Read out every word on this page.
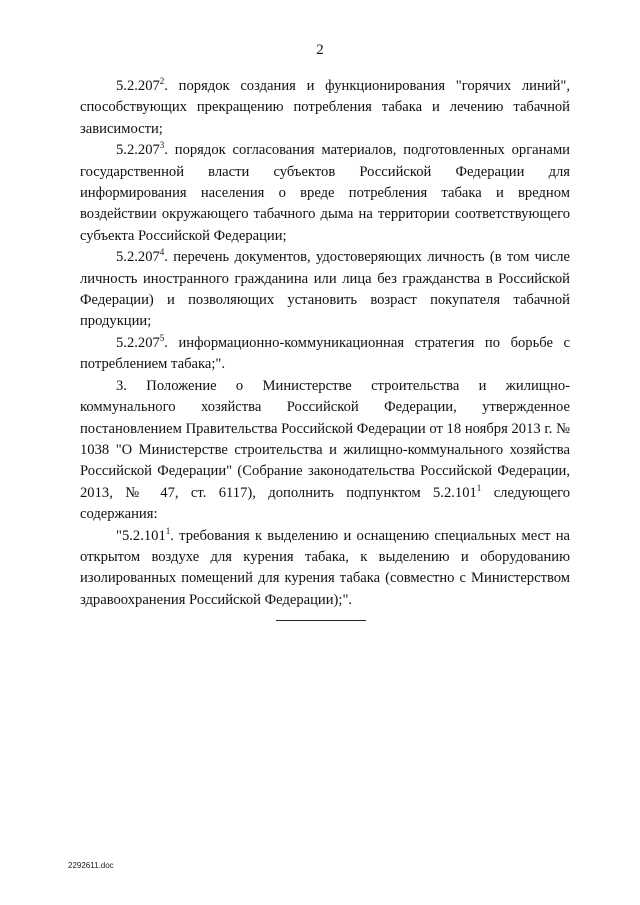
2

5.2.207$^2$. порядок создания и функционирования "горячих линий", способствующих прекращению потребления табака и лечению табачной зависимости;

5.2.207$^3$. порядок согласования материалов, подготовленных органами государственной власти субъектов Российской Федерации для информирования населения о вреде потребления табака и вредном воздействии окружающего табачного дыма на территории соответствующего субъекта Российской Федерации;

5.2.207$^4$. перечень документов, удостоверяющих личность (в том числе личность иностранного гражданина или лица без гражданства в Российской Федерации) и позволяющих установить возраст покупателя табачной продукции;

5.2.207$^5$. информационно-коммуникационная стратегия по борьбе с потреблением табака;".

3. Положение о Министерстве строительства и жилищно-коммунального хозяйства Российской Федерации, утвержденное постановлением Правительства Российской Федерации от 18 ноября 2013 г. № 1038 "О Министерстве строительства и жилищно-коммунального хозяйства Российской Федерации" (Собрание законодательства Российской Федерации, 2013, № 47, ст. 6117), дополнить подпунктом 5.2.101$^1$ следующего содержания:

"5.2.101$^1$. требования к выделению и оснащению специальных мест на открытом воздухе для курения табака, к выделению и оборудованию изолированных помещений для курения табака (совместно с Министерством здравоохранения Российской Федерации);".

2292611.doc
